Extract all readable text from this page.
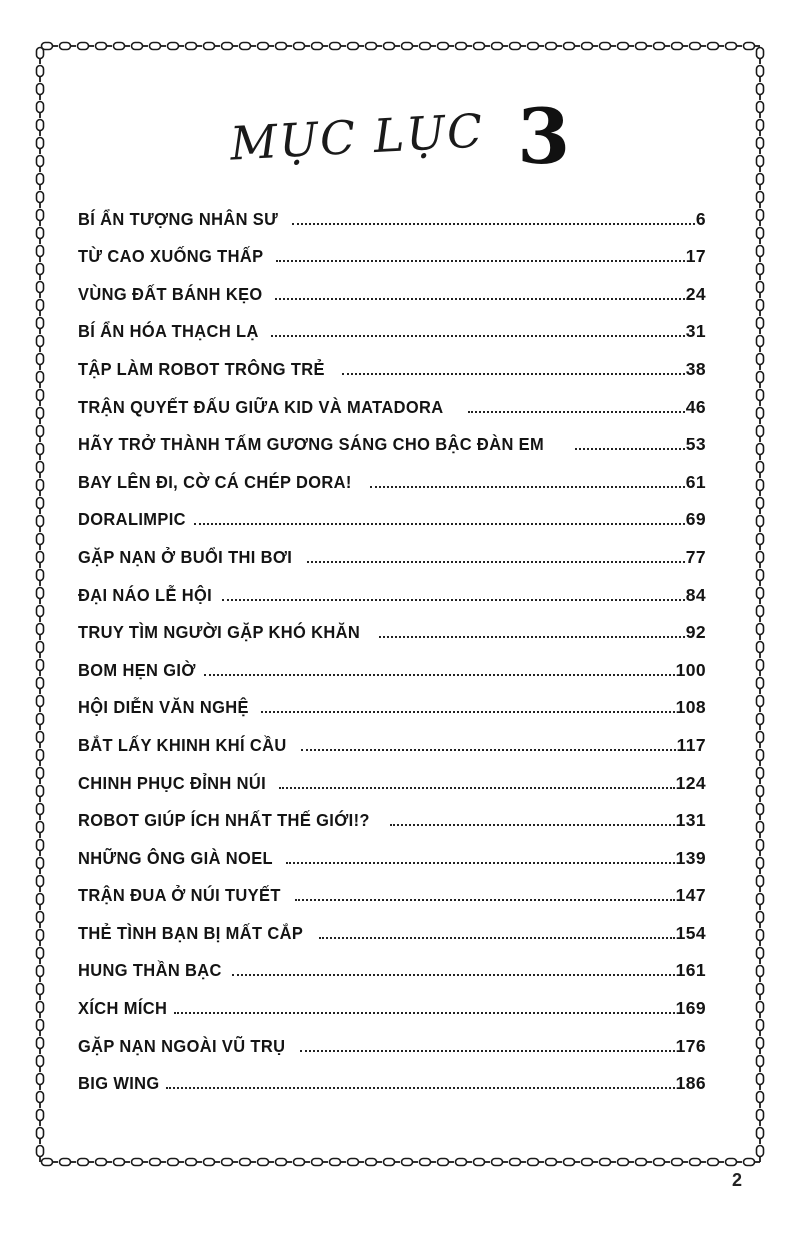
MỤC LỤC 3
BÍ ẨN TƯỢNG NHÂN SƯ	6
TỪ CAO XUỐNG THẤP	17
VÙNG ĐẤT BÁNH KẸO	24
BÍ ẨN HÓA THẠCH LẠ	31
TẬP LÀM ROBOT TRÔNG TRẺ	38
TRẬN QUYẾT ĐẤU GIỮA KID VÀ MATADORA	46
HÃY TRỞ THÀNH TẤM GƯƠNG SÁNG CHO BẬC ĐÀN EM	53
BAY LÊN ĐI, CỜ CÁ CHÉP DORA!	61
DORALIMPIC	69
GẶP NẠN Ở BUỔI THI BƠI	77
ĐẠI NÁO LỄ HỘI	84
TRUY TÌM NGƯỜI GẶP KHÓ KHĂN	92
BOM HẸN GIỜ	100
HỘI DIỄN VĂN NGHỆ	108
BẮT LẤY KHINH KHÍ CẦU	117
CHINH PHỤC ĐỈNH NÚI	124
ROBOT GIÚP ÍCH NHẤT THẾ GIỚI!?	131
NHỮNG ÔNG GIÀ NOEL	139
TRẬN ĐUA Ở NÚI TUYẾT	147
THẺ TÌNH BẠN BỊ MẤT CẮP	154
HUNG THẦN BẠC	161
XÍCH MÍCH	169
GẶP NẠN NGOÀI VŨ TRỤ	176
BIG WING	186
2
